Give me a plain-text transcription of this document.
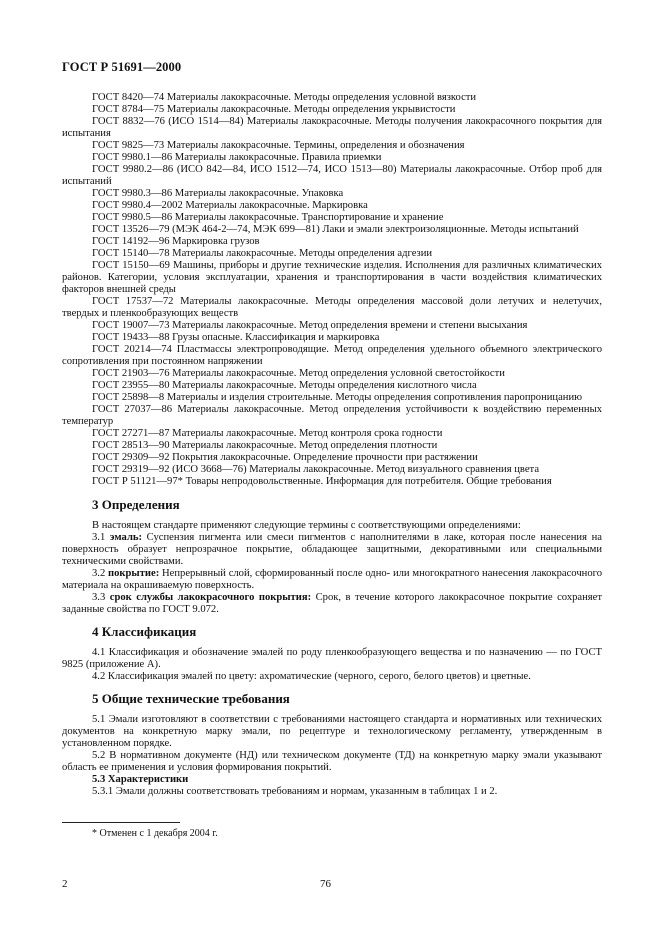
ГОСТ Р 51691—2000

ГОСТ 8420—74 Материалы лакокрасочные. Методы определения условной вязкости

ГОСТ 8784—75 Материалы лакокрасочные. Методы определения укрывистости

ГОСТ 8832—76 (ИСО 1514—84) Материалы лакокрасочные. Методы получения лакокрасочного покрытия для испытания

ГОСТ 9825—73 Материалы лакокрасочные. Термины, определения и обозначения

ГОСТ 9980.1—86 Материалы лакокрасочные. Правила приемки

ГОСТ 9980.2—86 (ИСО 842—84, ИСО 1512—74, ИСО 1513—80) Материалы лакокрасочные. Отбор проб для испытаний

ГОСТ 9980.3—86 Материалы лакокрасочные. Упаковка

ГОСТ 9980.4—2002 Материалы лакокрасочные. Маркировка

ГОСТ 9980.5—86 Материалы лакокрасочные. Транспортирование и хранение

ГОСТ 13526—79 (МЭК 464-2—74, МЭК 699—81) Лаки и эмали электроизоляционные. Методы испытаний

ГОСТ 14192—96 Маркировка грузов

ГОСТ 15140—78 Материалы лакокрасочные. Методы определения адгезии

ГОСТ 15150—69 Машины, приборы и другие технические изделия. Исполнения для различных климатических районов. Категории, условия эксплуатации, хранения и транспортирования в части воздействия климатических факторов внешней среды

ГОСТ 17537—72 Материалы лакокрасочные. Методы определения массовой доли летучих и нелетучих, твердых и пленкообразующих веществ

ГОСТ 19007—73 Материалы лакокрасочные. Метод определения времени и степени высыхания

ГОСТ 19433—88 Грузы опасные. Классификация и маркировка

ГОСТ 20214—74 Пластмассы электропроводящие. Метод определения удельного объемного электрического сопротивления при постоянном напряжении

ГОСТ 21903—76 Материалы лакокрасочные. Метод определения условной светостойкости

ГОСТ 23955—80 Материалы лакокрасочные. Методы определения кислотного числа

ГОСТ 25898—8 Материалы и изделия строительные. Методы определения сопротивления паропроницанию

ГОСТ 27037—86 Материалы лакокрасочные. Метод определения устойчивости к воздействию переменных температур

ГОСТ 27271—87 Материалы лакокрасочные. Метод контроля срока годности

ГОСТ 28513—90 Материалы лакокрасочные. Метод определения плотности

ГОСТ 29309—92 Покрытия лакокрасочные. Определение прочности при растяжении

ГОСТ 29319—92 (ИСО 3668—76) Материалы лакокрасочные. Метод визуального сравнения цвета

ГОСТ Р 51121—97* Товары непродовольственные. Информация для потребителя. Общие требования

3 Определения

В настоящем стандарте применяют следующие термины с соответствующими определениями:

3.1 эмаль: Суспензия пигмента или смеси пигментов с наполнителями в лаке, которая после нанесения на поверхность образует непрозрачное покрытие, обладающее защитными, декоративными или специальными техническими свойствами.

3.2 покрытие: Непрерывный слой, сформированный после одно- или многократного нанесения лакокрасочного материала на окрашиваемую поверхность.

3.3 срок службы лакокрасочного покрытия: Срок, в течение которого лакокрасочное покрытие сохраняет заданные свойства по ГОСТ 9.072.

4 Классификация

4.1 Классификация и обозначение эмалей по роду пленкообразующего вещества и по назначению — по ГОСТ 9825 (приложение А).

4.2 Классификация эмалей по цвету: ахроматические (черного, серого, белого цветов) и цветные.

5 Общие технические требования

5.1 Эмали изготовляют в соответствии с требованиями настоящего стандарта и нормативных или технических документов на конкретную марку эмали, по рецептуре и технологическому регламенту, утвержденным в установленном порядке.

5.2 В нормативном документе (НД) или техническом документе (ТД) на конкретную марку эмали указывают область ее применения и условия формирования покрытий.

5.3 Характеристики

5.3.1 Эмали должны соответствовать требованиям и нормам, указанным в таблицах 1 и 2.

* Отменен с 1 декабря 2004 г.
2	76
